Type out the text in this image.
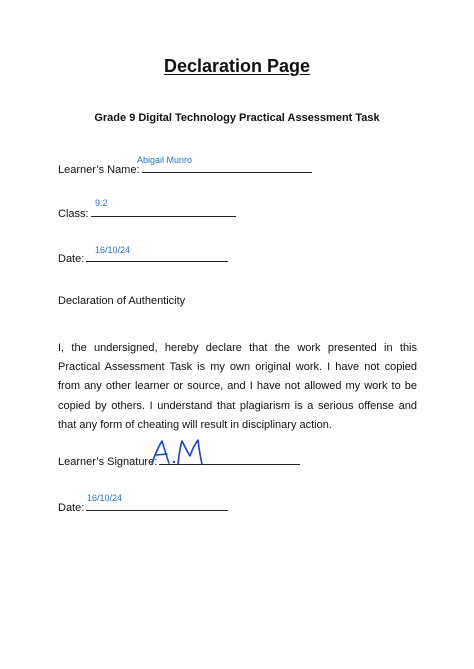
Declaration Page
Grade 9 Digital Technology Practical Assessment Task
Learner’s Name:
Abigail Munro
Class:
9.2
Date:
16/10/24
Declaration of Authenticity
I, the undersigned, hereby declare that the work presented in this Practical Assessment Task is my own original work. I have not copied from any other learner or source, and I have not allowed my work to be copied by others. I understand that plagiarism is a serious offense and that any form of cheating will result in disciplinary action.
Learner’s Signature:
Date:
16/10/24
